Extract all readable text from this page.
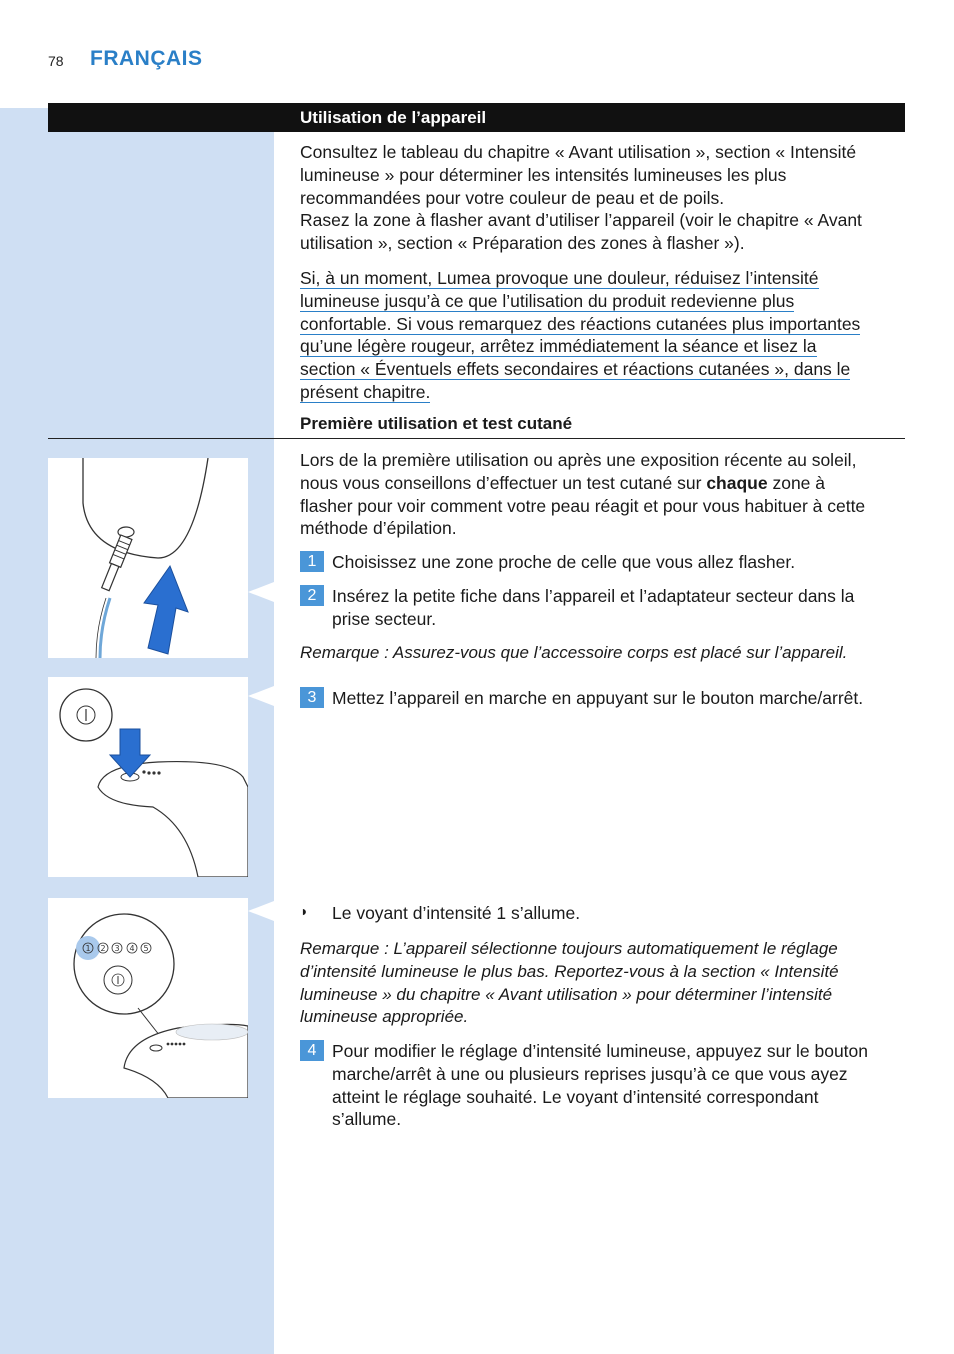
78 FRANÇAIS
Utilisation de l’appareil
Consultez le tableau du chapitre « Avant utilisation », section « Intensité
lumineuse » pour déterminer les intensités lumineuses les plus
recommandées pour votre couleur de peau et de poils.
Rasez la zone à flasher avant d’utiliser l’appareil (voir le chapitre « Avant
utilisation », section « Préparation des zones à flasher »).
Si, à un moment, Lumea provoque une douleur, réduisez l’intensité
lumineuse jusqu’à ce que l’utilisation du produit redevienne plus
confortable. Si vous remarquez des réactions cutanées plus importantes
qu’une légère rougeur, arrêtez immédiatement la séance et lisez la
section « Éventuels effets secondaires et réactions cutanées », dans le
présent chapitre.
Première utilisation et test cutané
Lors de la première utilisation ou après une exposition récente au soleil,
nous vous conseillons d’effectuer un test cutané sur chaque zone à
flasher pour voir comment votre peau réagit et pour vous habituer à cette
méthode d’épilation.
1 Choisissez une zone proche de celle que vous allez flasher.
2 Insérez la petite fiche dans l’appareil et l’adaptateur secteur dans la
prise secteur.
Remarque : Assurez-vous que l’accessoire corps est placé sur l’appareil.
3 Mettez l’appareil en marche en appuyant sur le bouton marche/arrêt.
◗ Le voyant d’intensité 1 s’allume.
Remarque : L’appareil sélectionne toujours automatiquement le réglage
d’intensité lumineuse le plus bas. Reportez-vous à la section « Intensité
lumineuse » du chapitre « Avant utilisation » pour déterminer l’intensité
lumineuse appropriée.
4 Pour modifier le réglage d’intensité lumineuse, appuyez sur le bouton
marche/arrêt à une ou plusieurs reprises jusqu’à ce que vous ayez
atteint le réglage souhaité. Le voyant d’intensité correspondant
s’allume.
1 2 3 4 5
